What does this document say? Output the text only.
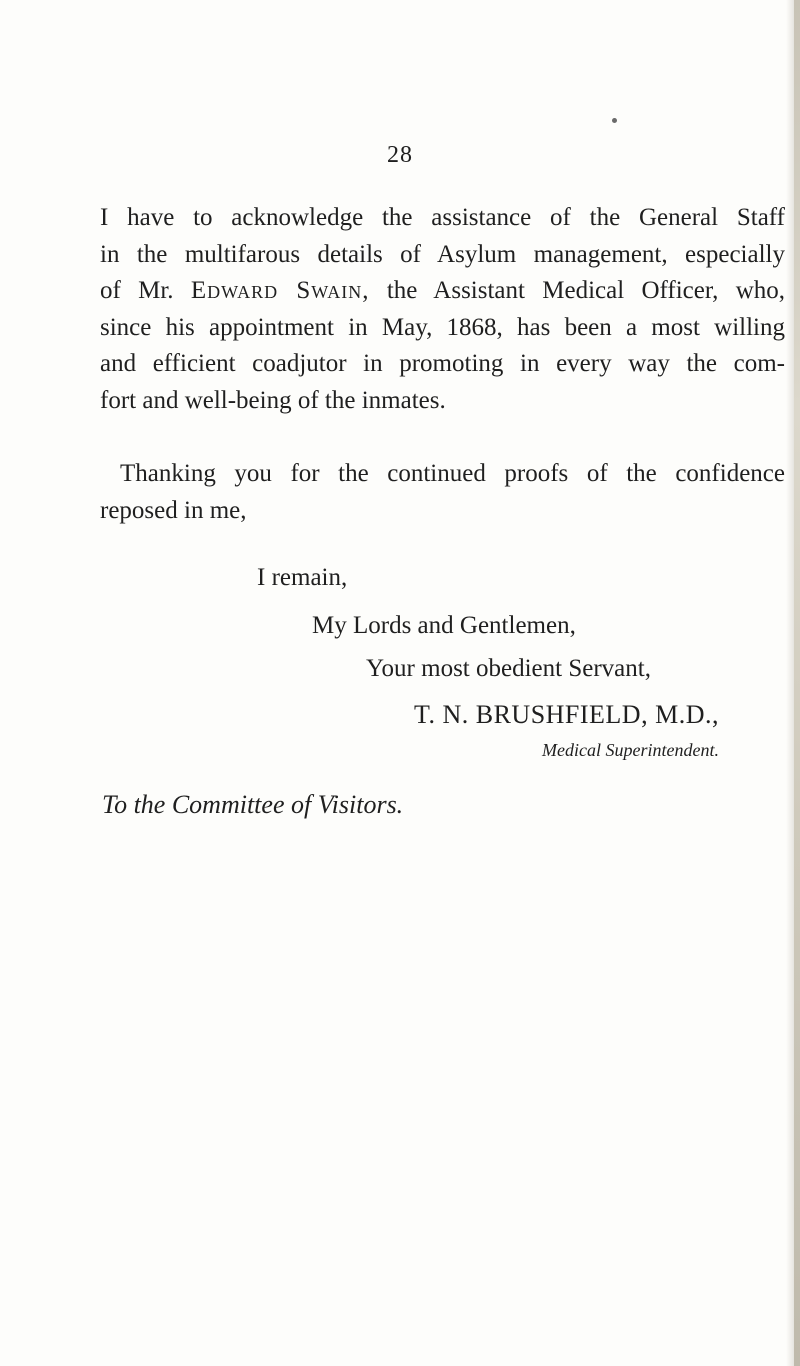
28
I have to acknowledge the assistance of the General Staff
in the multifarous details of Asylum management, especially
of Mr. Edward Swain, the Assistant Medical Officer, who,
since his appointment in May, 1868, has been a most willing
and efficient coadjutor in promoting in every way the com-
fort and well-being of the inmates.
Thanking you for the continued proofs of the confidence
reposed in me,
I remain,
My Lords and Gentlemen,
Your most obedient Servant,
T. N. BRUSHFIELD, M.D.,
Medical Superintendent.
To the Committee of Visitors.
